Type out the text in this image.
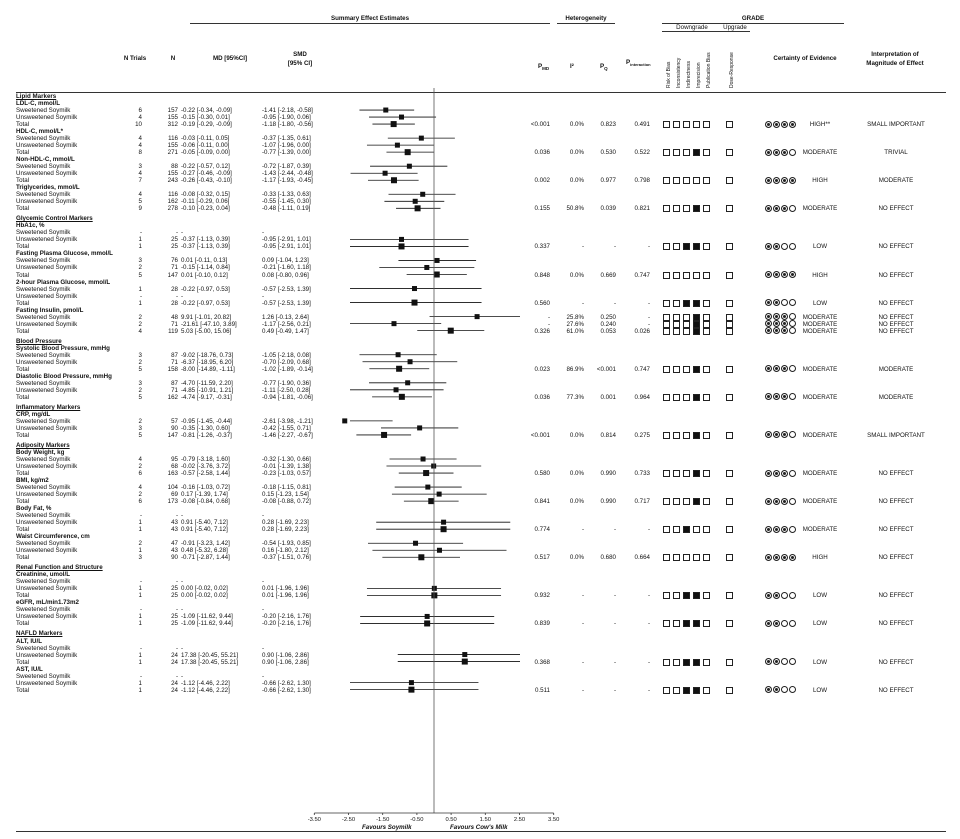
Summary Effect Estimates	Heterogeneity	GRADE
Downgrade	Upgrade
N Trials	N	MD [95%CI]
SMD
[95% CI]	$P_{MD}$	I²	$P_Q$
$P_{interaction}$
Certainty of Evidence
Interpretation of
Magnitude of Effect
Risk of Bias Inconsistency Indirectness Imprecision Publication Bias	Dose-Response
Lipid Markers
LDL-C, mmol/L
Sweetened Soymilk	6	157 -0.22 [-0.34, -0.09]	-1.41 [-2.18, -0.58]
Unsweetened Soymilk	4	155 -0.15 [-0.30, 0.01]	-0.95 [-1.90, 0.06]
Total	10	312 -0.19 [-0.29, -0.09]	-1.18 [-1.80, -0.56]	<0.001	0.0%	0.823	0.491	HIGH**	SMALL IMPORTANT
HDL-C, mmol/L*
Sweetened Soymilk	4	116 -0.03 [-0.11, 0.05]	-0.37 [-1.35, 0.61]
Unsweetened Soymilk	4	155 -0.06 [-0.11, 0.00]	-1.07 [-1.96, 0.00]
Total	8	271 -0.05 [-0.09, 0.00]	-0.77 [-1.39, 0.00]	0.036	0.0%	0.530	0.522	MODERATE	TRIVIAL
Non-HDL-C, mmol/L
Sweetened Soymilk	3	88 -0.22 [-0.57, 0.12]	-0.72 [-1.87, 0.39]
Unsweetened Soymilk	4	155 -0.27 [-0.46, -0.09]	-1.43 [-2.44, -0.48]
Total	7	243 -0.26 [-0.43, -0.10]	-1.17 [-1.93, -0.45]	0.002	0.0%	0.977	0.798	HIGH	MODERATE
Triglycerides, mmol/L
Sweetened Soymilk	4	116 -0.08 [-0.32, 0.15]	-0.33 [-1.33, 0.63]
Unsweetened Soymilk	5	162 -0.11 [-0.29, 0.06]	-0.55 [-1.45, 0.30]
Total	9	278 -0.10 [-0.23, 0.04]	-0.48 [-1.11, 0.19]	0.155	50.8%	0.039	0.821	MODERATE	NO EFFECT
Glycemic Control Markers
HbA1c, %
Sweetened Soymilk	-	- -	-
Unsweetened Soymilk	1	25 -0.37 [-1.13, 0.39]	-0.95 [-2.91, 1.01]
Total	1	25 -0.37 [-1.13, 0.39]	-0.95 [-2.91, 1.01]	0.337	-	-	-	LOW	NO EFFECT
Fasting Plasma Glucose, mmol/L
Sweetened Soymilk	3	76 0.01 [-0.11, 0.13]	0.09 [-1.04, 1.23]
Unsweetened Soymilk	2	71 -0.15 [-1.14, 0.84]	-0.21 [-1.60, 1.18]
Total	5	147 0.01 [-0.10, 0.12]	0.08 [-0.80, 0.96]	0.848	0.0%	0.669	0.747	HIGH	NO EFFECT
2-hour Plasma Glucose, mmol/L
Sweetened Soymilk	1	28 -0.22 [-0.97, 0.53]	-0.57 [-2.53, 1.39]
Unsweetened Soymilk	-	- -	-
Total	1	28 -0.22 [-0.97, 0.53]	-0.57 [-2.53, 1.39]	0.560	-	-	-	LOW	NO EFFECT
Fasting Insulin, pmol/L
Sweetened Soymilk	2	48 9.91 [-1.01, 20.82]	1.26 [-0.13, 2.64]	-	25.8%	0.250	-	MODERATE	NO EFFECT
Unsweetened Soymilk	2	71 -21.61 [-47.10, 3.89]	-1.17 [-2.56, 0.21]	-	27.6%	0.240	-	MODERATE	NO EFFECT
Total	4	119 5.03 [-5.00, 15.06]	0.49 [-0.49, 1.47]	0.326	61.0%	0.053	0.026	MODERATE	NO EFFECT
Blood Pressure
Systolic Blood Pressure, mmHg
Sweetened Soymilk	3	87 -9.02 [-18.76, 0.73]	-1.05 [-2.18, 0.08]
Unsweetened Soymilk	2	71 -6.37 [-18.95, 6.20]	-0.70 [-2.09, 0.68]
Total	5	158 -8.00 [-14.89, -1.11]	-1.02 [-1.89, -0.14]	0.023	86.9%	<0.001	0.747	MODERATE	MODERATE
Diastolic Blood Pressure, mmHg
Sweetened Soymilk	3	87 -4.70 [-11.59, 2.20]	-0.77 [-1.90, 0.36]
Unsweetened Soymilk	2	71 -4.85 [-10.91, 1.21]	-1.11 [-2.50, 0.28]
Total	5	162 -4.74 [-9.17, -0.31]	-0.94 [-1.81, -0.06]	0.036	77.3%	0.001	0.964	MODERATE	MODERATE
Inflammatory Markers
CRP, mg/dL
Sweetened Soymilk	2	57 -0.95 [-1.45, -0.44]	-2.61 [-3.98, -1.21]
Unsweetened Soymilk	3	90 -0.35 [-1.30, 0.60]	-0.42 [-1.55, 0.71]
Total	5	147 -0.81 [-1.26, -0.37]	-1.46 [-2.27, -0.67]	<0.001	0.0%	0.814	0.275	MODERATE	SMALL IMPORTANT
Adiposity Markers
Body Weight, kg
Sweetened Soymilk	4	95 -0.79 [-3.18, 1.60]	-0.32 [-1.30, 0.66]
Unsweetened Soymilk	2	68 -0.02 [-3.76, 3.72]	-0.01 [-1.39, 1.38]
Total	6	163 -0.57 [-2.58, 1.44]	-0.23 [-1.03, 0.57]	0.580	0.0%	0.990	0.733	MODERATE	NO EFFECT
BMI, kg/m2
Sweetened Soymilk	4	104 -0.16 [-1.03, 0.72]	-0.18 [-1.15, 0.81]
Unsweetened Soymilk	2	69 0.17 [-1.39, 1.74]	0.15 [-1.23, 1.54]
Total	6	173 -0.08 [-0.84, 0.68]	-0.08 [-0.88, 0.72]	0.841	0.0%	0.990	0.717	MODERATE	NO EFFECT
Body Fat, %
Sweetened Soymilk	-	- -	-
Unsweetened Soymilk	1	43 0.91 [-5.40, 7.12]	0.28 [-1.69, 2.23]
Total	1	43 0.91 [-5.40, 7.12]	0.28 [-1.69, 2.23]	0.774	-	-	-	MODERATE	NO EFFECT
Waist Circumference, cm
Sweetened Soymilk	2	47 -0.91 [-3.23, 1.42]	-0.54 [-1.93, 0.85]
Unsweetened Soymilk	1	43 0.48 [-5.32, 6.28]	0.16 [-1.80, 2.12]
Total	3	90 -0.71 [-2.87, 1.44]	-0.37 [-1.51, 0.76]	0.517	0.0%	0.680	0.664	HIGH	NO EFFECT
Renal Function and Structure
Creatinine, umol/L
Sweetened Soymilk	-	- -	-
Unsweetened Soymilk	1	25 0.00 [-0.02, 0.02]	0.01 [-1.96, 1.96]
Total	1	25 0.00 [-0.02, 0.02]	0.01 [-1.96, 1.96]	0.932	-	-	-	LOW	NO EFFECT
eGFR, mL/min1.73m2
Sweetened Soymilk	-	- -	-
Unsweetened Soymilk	1	25 -1.09 [-11.62, 9.44]	-0.20 [-2.16, 1.76]
Total	1	25 -1.09 [-11.62, 9.44]	-0.20 [-2.16, 1.76]	0.839	-	-	-	LOW	NO EFFECT
NAFLD Markers
ALT, IU/L
Sweetened Soymilk	-	- -	-
Unsweetened Soymilk	1	24 17.38 [-20.45, 55.21]	0.90 [-1.06, 2.86]
Total	1	24 17.38 [-20.45, 55.21]	0.90 [-1.06, 2.86]	0.368	-	-	-	LOW	NO EFFECT
AST, IU/L
Sweetened Soymilk	-	- -	-
Unsweetened Soymilk	1	24 -1.12 [-4.46, 2.22]	-0.66 [-2.62, 1.30]
Total	1	24 -1.12 [-4.46, 2.22]	-0.66 [-2.62, 1.30]	0.511	-	-	-	LOW	NO EFFECT
-3.50	-2.50	-1.50	-0.50	0.50	1.50	2.50	3.50
Favours Soymilk	Favours Cow's Milk
